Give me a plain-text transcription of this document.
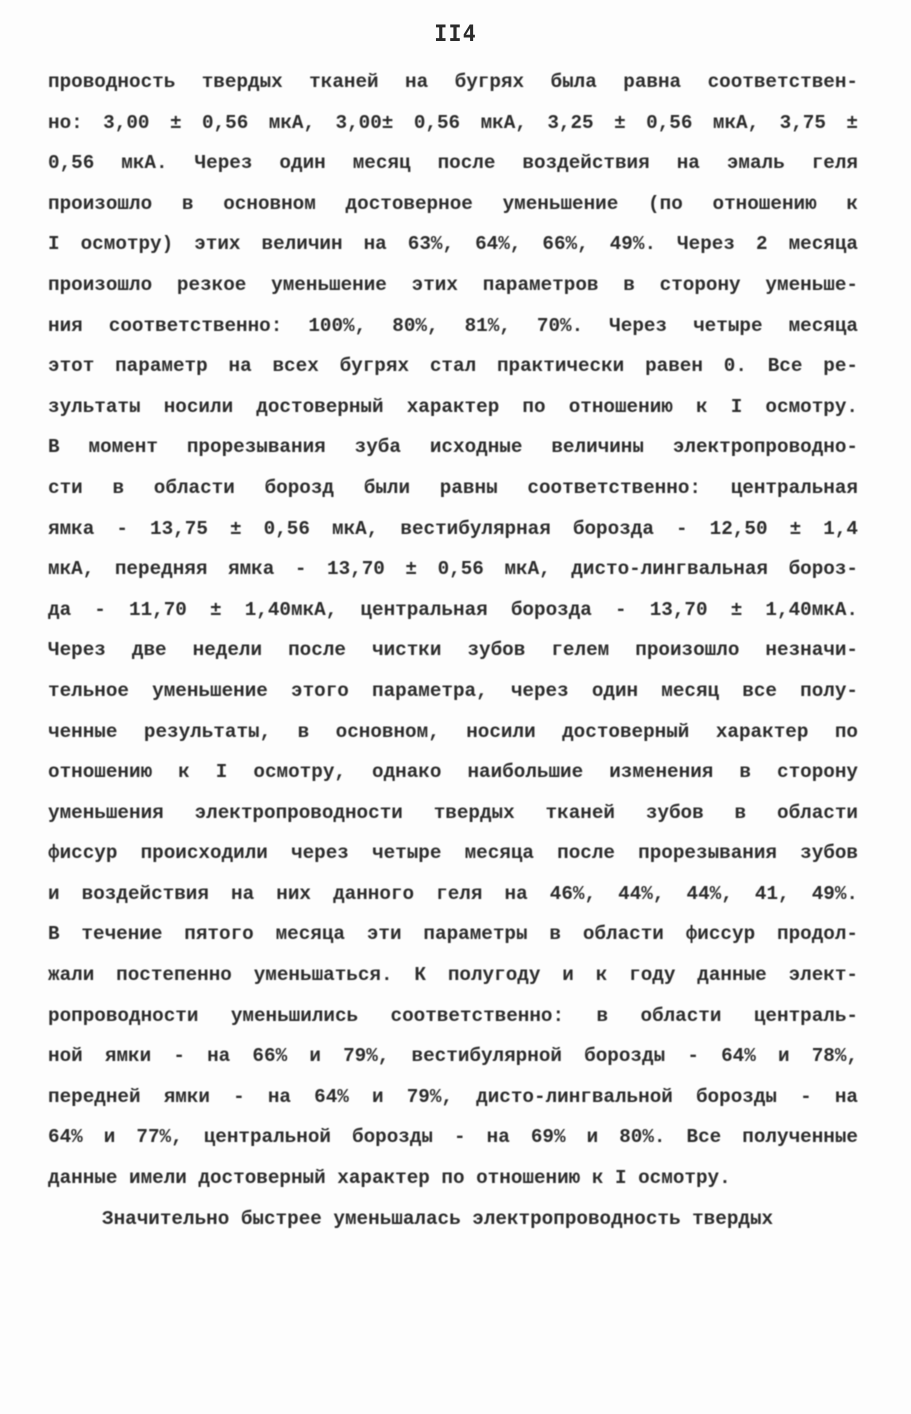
II4
проводность твердых тканей на бугрях была равна соответствен-
но: 3,00 ± 0,56 мкА, 3,00± 0,56 мкА, 3,25 ± 0,56 мкА, 3,75 ±
0,56 мкА. Через один месяц после воздействия на эмаль геля
произошло в основном достоверное уменьшение (по отношению к
I осмотру) этих величин на 63%, 64%, 66%, 49%. Через 2 месяца
произошло резкое уменьшение этих параметров в сторону уменьше-
ния соответственно: 100%, 80%, 81%, 70%. Через четыре месяца
этот параметр на всех бугрях стал практически равен 0. Все ре-
зультаты носили достоверный характер по отношению к I осмотру.
В момент прорезывания зуба исходные величины электропроводно-
сти в области борозд были равны соответственно: центральная
ямка - 13,75 ± 0,56 мкА, вестибулярная борозда - 12,50 ± 1,4
мкА, передняя ямка - 13,70 ± 0,56 мкА, дисто-лингвальная бороз-
да - 11,70 ± 1,40мкА, центральная борозда - 13,70 ± 1,40мкА.
Через две недели после чистки зубов гелем произошло незначи-
тельное уменьшение этого параметра, через один месяц все полу-
ченные результаты, в основном, носили достоверный характер по
отношению к I осмотру, однако наибольшие изменения в сторону
уменьшения электропроводности твердых тканей зубов в области
фиссур происходили через четыре месяца после прорезывания зубов
и воздействия на них данного геля на 46%, 44%, 44%, 41, 49%.
В течение пятого месяца эти параметры в области фиссур продол-
жали постепенно уменьшаться. К полугоду и к году данные элект-
ропроводности уменьшились соответственно: в области централь-
ной ямки - на 66% и 79%, вестибулярной борозды - 64% и 78%,
передней ямки - на 64% и 79%, дисто-лингвальной борозды - на
64% и 77%, центральной борозды - на 69% и 80%. Все полученные
данные имели достоверный характер по отношению к I осмотру.
Значительно быстрее уменьшалась электропроводность твердых
